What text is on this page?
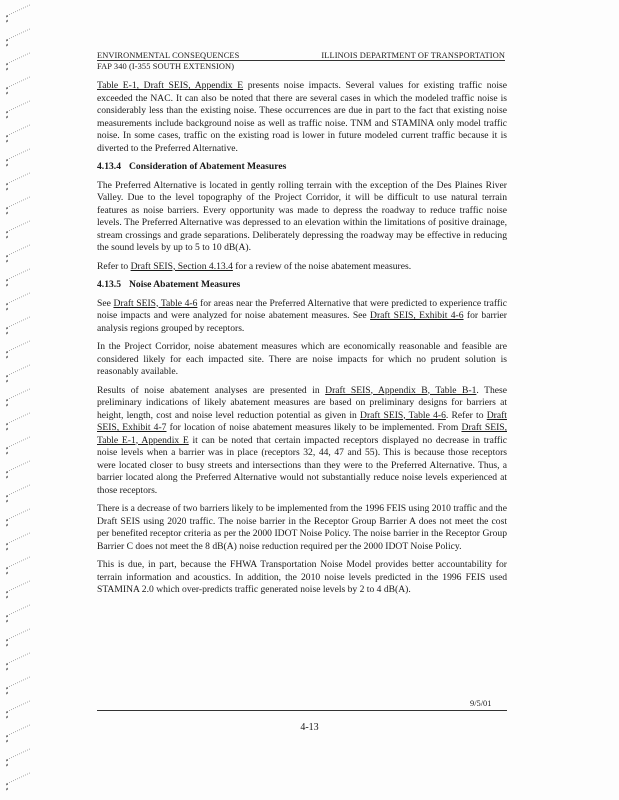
ENVIRONMENTAL CONSEQUENCES	ILLINOIS DEPARTMENT OF TRANSPORTATION
FAP 340 (I-355 SOUTH EXTENSION)

Table E-1, Draft SEIS, Appendix E presents noise impacts. Several values for existing traffic noise exceeded the NAC. It can also be noted that there are several cases in which the modeled traffic noise is considerably less than the existing noise. These occurrences are due in part to the fact that existing noise measurements include background noise as well as traffic noise. TNM and STAMINA only model traffic noise. In some cases, traffic on the existing road is lower in future modeled current traffic because it is diverted to the Preferred Alternative.

4.13.4 Consideration of Abatement Measures

The Preferred Alternative is located in gently rolling terrain with the exception of the Des Plaines River Valley. Due to the level topography of the Project Corridor, it will be difficult to use natural terrain features as noise barriers. Every opportunity was made to depress the roadway to reduce traffic noise levels. The Preferred Alternative was depressed to an elevation within the limitations of positive drainage, stream crossings and grade separations. Deliberately depressing the roadway may be effective in reducing the sound levels by up to 5 to 10 dB(A).

Refer to Draft SEIS, Section 4.13.4 for a review of the noise abatement measures.

4.13.5 Noise Abatement Measures

See Draft SEIS, Table 4-6 for areas near the Preferred Alternative that were predicted to experience traffic noise impacts and were analyzed for noise abatement measures. See Draft SEIS, Exhibit 4-6 for barrier analysis regions grouped by receptors.

In the Project Corridor, noise abatement measures which are economically reasonable and feasible are considered likely for each impacted site. There are noise impacts for which no prudent solution is reasonably available.

Results of noise abatement analyses are presented in Draft SEIS, Appendix B, Table B-1. These preliminary indications of likely abatement measures are based on preliminary designs for barriers at height, length, cost and noise level reduction potential as given in Draft SEIS, Table 4-6. Refer to Draft SEIS, Exhibit 4-7 for location of noise abatement measures likely to be implemented. From Draft SEIS, Table E-1, Appendix E it can be noted that certain impacted receptors displayed no decrease in traffic noise levels when a barrier was in place (receptors 32, 44, 47 and 55). This is because those receptors were located closer to busy streets and intersections than they were to the Preferred Alternative. Thus, a barrier located along the Preferred Alternative would not substantially reduce noise levels experienced at those receptors.

There is a decrease of two barriers likely to be implemented from the 1996 FEIS using 2010 traffic and the Draft SEIS using 2020 traffic. The noise barrier in the Receptor Group Barrier A does not meet the cost per benefited receptor criteria as per the 2000 IDOT Noise Policy. The noise barrier in the Receptor Group Barrier C does not meet the 8 dB(A) noise reduction required per the 2000 IDOT Noise Policy.

This is due, in part, because the FHWA Transportation Noise Model provides better accountability for terrain information and acoustics. In addition, the 2010 noise levels predicted in the 1996 FEIS used STAMINA 2.0 which over-predicts traffic generated noise levels by 2 to 4 dB(A).

9/5/01
4-13
